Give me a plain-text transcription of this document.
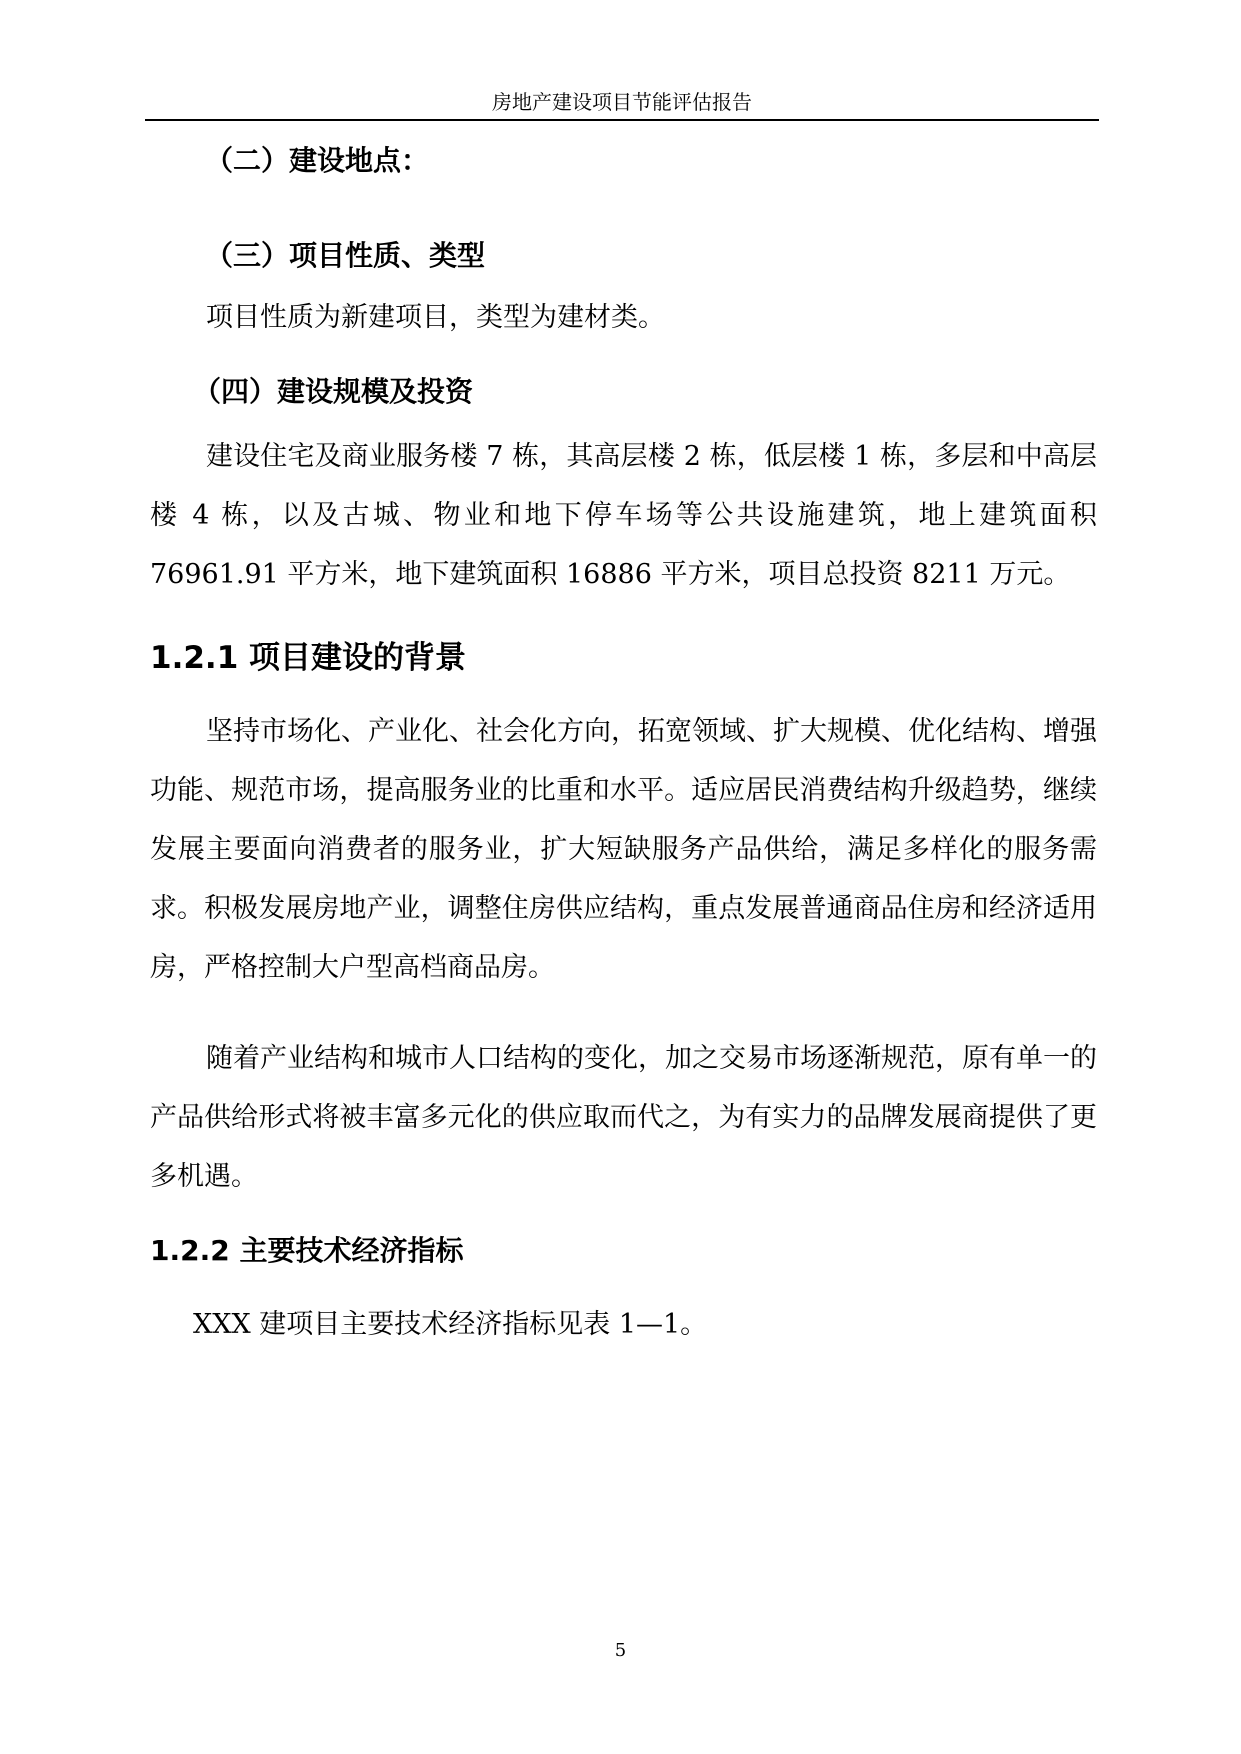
房地产建设项目节能评估报告
（二）建设地点：
（三）项目性质、类型

项目性质为新建项目，类型为建材类。

（四）建设规模及投资

建设住宅及商业服务楼 7 栋，其高层楼 2 栋，低层楼 1 栋，多层和中高层楼 4 栋，以及古城、物业和地下停车场等公共设施建筑，地上建筑面积 76961.91 平方米，地下建筑面积 16886 平方米，项目总投资 8211 万元。

1.2.1 项目建设的背景

坚持市场化、产业化、社会化方向，拓宽领域、扩大规模、优化结构、增强功能、规范市场，提高服务业的比重和水平。适应居民消费结构升级趋势，继续发展主要面向消费者的服务业，扩大短缺服务产品供给，满足多样化的服务需求。积极发展房地产业，调整住房供应结构，重点发展普通商品住房和经济适用房，严格控制大户型高档商品房。

随着产业结构和城市人口结构的变化，加之交易市场逐渐规范，原有单一的产品供给形式将被丰富多元化的供应取而代之，为有实力的品牌发展商提供了更多机遇。

1.2.2 主要技术经济指标

XXX 建项目主要技术经济指标见表 1—1。

5
